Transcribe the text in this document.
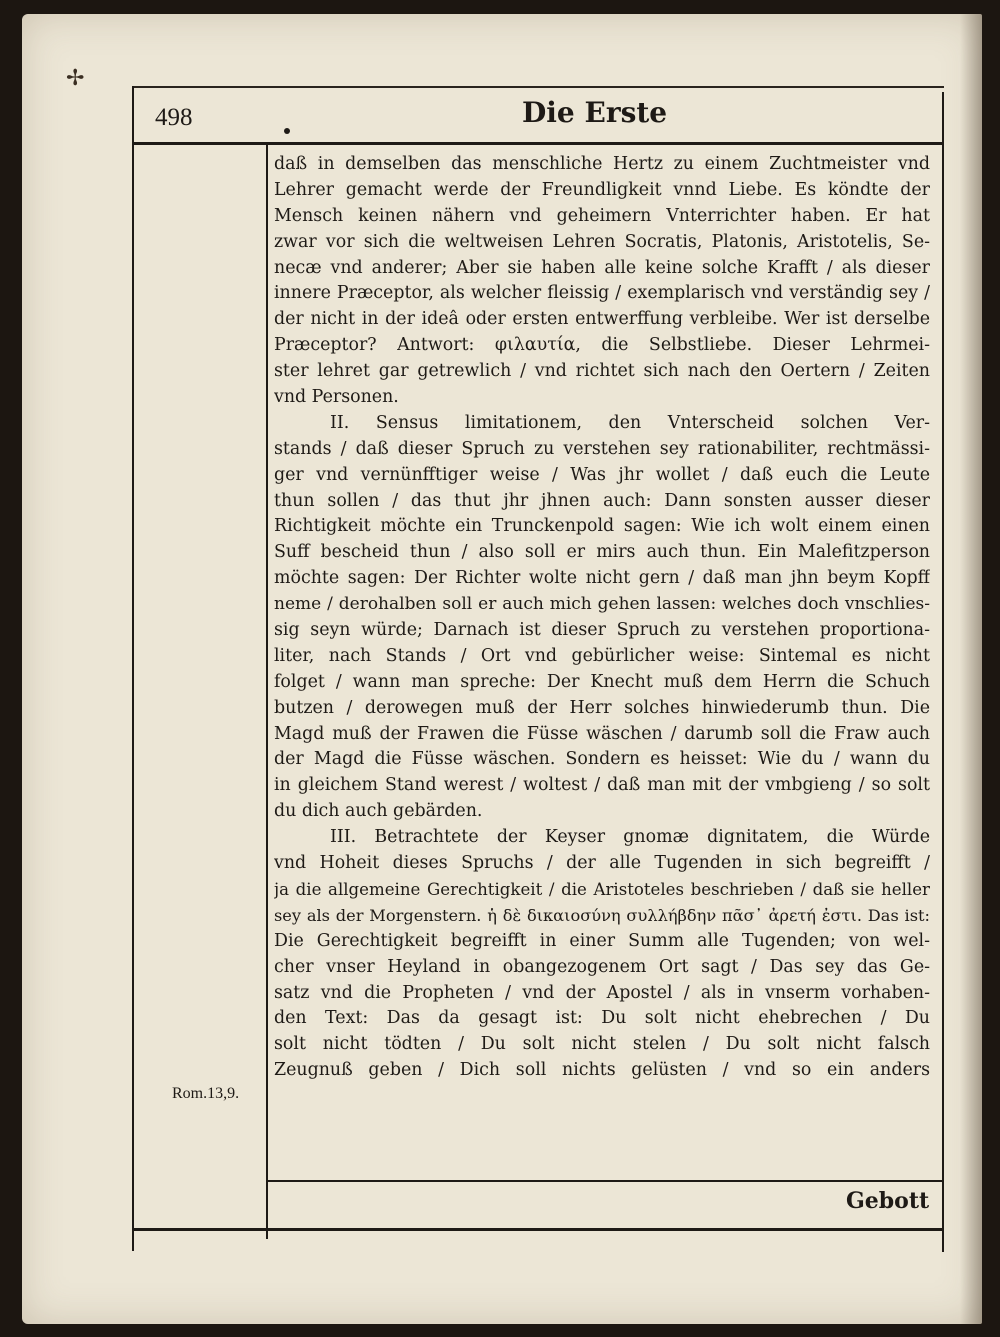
✢
498	Die Erste
daß in demselben das menschliche Hertz zu einem Zuchtmeister vnd
Lehrer gemacht werde der Freundligkeit vnnd Liebe. Es köndte der
Mensch keinen nähern vnd geheimern Vnterrichter haben. Er hat
zwar vor sich die weltweisen Lehren Socratis, Platonis, Aristotelis, Se-
necæ vnd anderer; Aber sie haben alle keine solche Krafft / als dieser
innere Præceptor, als welcher fleissig / exemplarisch vnd verständig sey /
der nicht in der ideâ oder ersten entwerffung verbleibe. Wer ist derselbe
Præceptor? Antwort: φιλαυτία, die Selbstliebe. Dieser Lehrmei-
ster lehret gar getrewlich / vnd richtet sich nach den Oertern / Zeiten
vnd Personen.
II. Sensus limitationem, den Vnterscheid solchen Ver-
stands / daß dieser Spruch zu verstehen sey rationabiliter, rechtmässi-
ger vnd vernünfftiger weise / Was jhr wollet / daß euch die Leute
thun sollen / das thut jhr jhnen auch: Dann sonsten ausser dieser
Richtigkeit möchte ein Trunckenpold sagen: Wie ich wolt einem einen
Suff bescheid thun / also soll er mirs auch thun. Ein Malefitzperson
möchte sagen: Der Richter wolte nicht gern / daß man jhn beym Kopff
neme / derohalben soll er auch mich gehen lassen: welches doch vnschlies-
sig seyn würde; Darnach ist dieser Spruch zu verstehen proportiona-
liter, nach Stands / Ort vnd gebürlicher weise: Sintemal es nicht
folget / wann man spreche: Der Knecht muß dem Herrn die Schuch
butzen / derowegen muß der Herr solches hinwiederumb thun. Die
Magd muß der Frawen die Füsse wäschen / darumb soll die Fraw auch
der Magd die Füsse wäschen. Sondern es heisset: Wie du / wann du
in gleichem Stand werest / woltest / daß man mit der vmbgieng / so solt
du dich auch gebärden.
III. Betrachtete der Keyser gnomæ dignitatem, die Würde
vnd Hoheit dieses Spruchs / der alle Tugenden in sich begreifft /
ja die allgemeine Gerechtigkeit / die Aristoteles beschrieben / daß sie heller
sey als der Morgenstern. ἡ δὲ δικαιοσύνη συλλήβδην πᾶσ᾽ ἀρετή ἐστι. Das ist:
Die Gerechtigkeit begreifft in einer Summ alle Tugenden; von wel-
cher vnser Heyland in obangezogenem Ort sagt / Das sey das Ge-
satz vnd die Propheten / vnd der Apostel / als in vnserm vorhaben-
den Text: Das da gesagt ist: Du solt nicht ehebrechen / Du
solt nicht tödten / Du solt nicht stelen / Du solt nicht falsch
Zeugnuß geben / Dich soll nichts gelüsten / vnd so ein anders
Rom.13,9.
Gebott
